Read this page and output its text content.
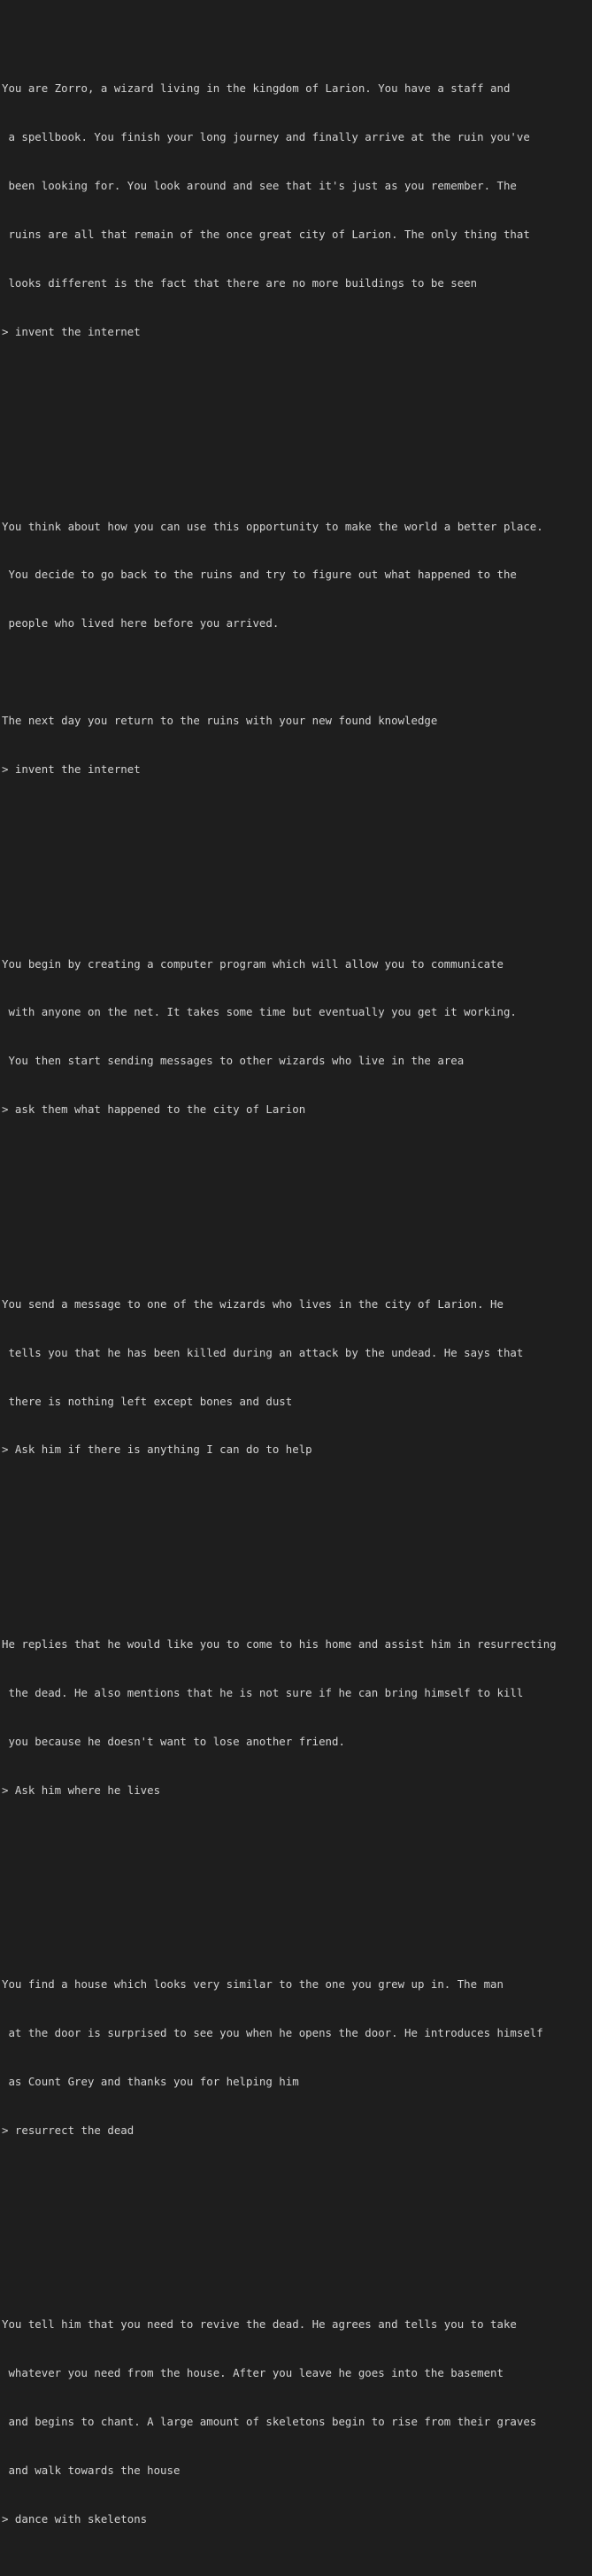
You are Zorro, a wizard living in the kingdom of Larion. You have a staff and

a spellbook. You finish your long journey and finally arrive at the ruin you've

been looking for. You look around and see that it's just as you remember. The

ruins are all that remain of the once great city of Larion. The only thing that

looks different is the fact that there are no more buildings to be seen

> invent the internet

You think about how you can use this opportunity to make the world a better place.

You decide to go back to the ruins and try to figure out what happened to the

people who lived here before you arrived.

The next day you return to the ruins with your new found knowledge

> invent the internet

You begin by creating a computer program which will allow you to communicate

with anyone on the net. It takes some time but eventually you get it working.

You then start sending messages to other wizards who live in the area

> ask them what happened to the city of Larion

You send a message to one of the wizards who lives in the city of Larion. He

tells you that he has been killed during an attack by the undead. He says that

there is nothing left except bones and dust

> Ask him if there is anything I can do to help

He replies that he would like you to come to his home and assist him in resurrecting

the dead. He also mentions that he is not sure if he can bring himself to kill

you because he doesn't want to lose another friend.

> Ask him where he lives

You find a house which looks very similar to the one you grew up in. The man

at the door is surprised to see you when he opens the door. He introduces himself

as Count Grey and thanks you for helping him

> resurrect the dead

You tell him that you need to revive the dead. He agrees and tells you to take

whatever you need from the house. After you leave he goes into the basement

and begins to chant. A large amount of skeletons begin to rise from their graves

and walk towards the house

> dance with skeletons
